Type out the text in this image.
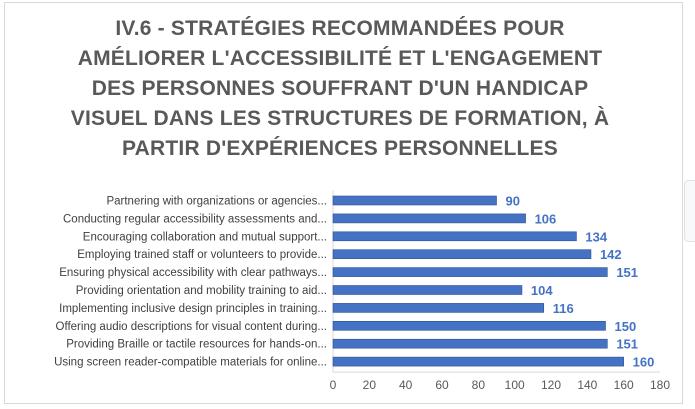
IV.6 - STRATÉGIES RECOMMANDÉES POUR
AMÉLIORER L'ACCESSIBILITÉ ET L'ENGAGEMENT
DES PERSONNES SOUFFRANT D'UN HANDICAP
VISUEL DANS LES STRUCTURES DE FORMATION, À
PARTIR D'EXPÉRIENCES PERSONNELLES
Partnering with organizations or agencies...	90
Conducting regular accessibility assessments and...	106
Encouraging collaboration and mutual support...	134
Employing trained staff or volunteers to provide...	142
Ensuring physical accessibility with clear pathways...	151
Providing orientation and mobility training to aid...	104
Implementing inclusive design principles in training...	116
Offering audio descriptions for visual content during...	150
Providing Braille or tactile resources for hands-on...	151
Using screen reader-compatible materials for online...	160
0 20 40 60 80 100 120 140 160 180
